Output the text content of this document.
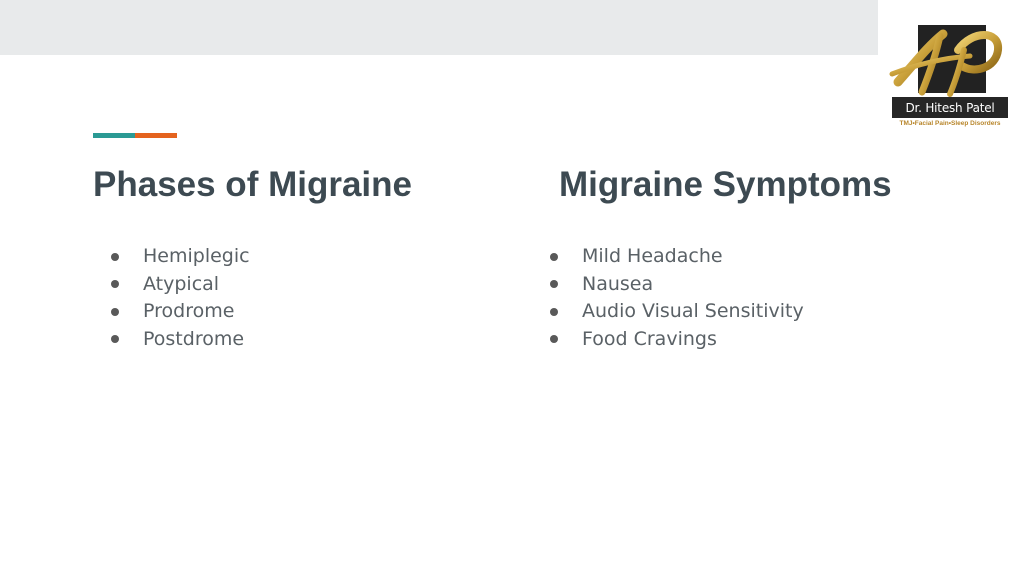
Dr. Hitesh Patel
TMJ•Facial Pain•Sleep Disorders
Phases of Migraine	Migraine Symptoms
Hemiplegic
Atypical
Prodrome
Postdrome
Mild Headache
Nausea
Audio Visual Sensitivity
Food Cravings
